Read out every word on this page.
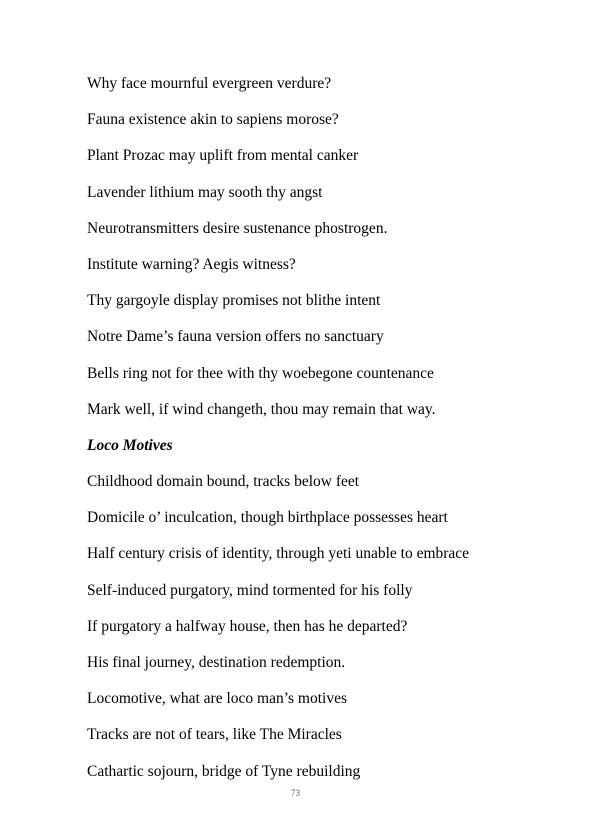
Why face mournful evergreen verdure?
Fauna existence akin to sapiens morose?
Plant Prozac may uplift from mental canker
Lavender lithium may sooth thy angst
Neurotransmitters desire sustenance phostrogen.
Institute warning? Aegis witness?
Thy gargoyle display promises not blithe intent
Notre Dame’s fauna version offers no sanctuary
Bells ring not for thee with thy woebegone countenance
Mark well, if wind changeth, thou may remain that way.
Loco Motives
Childhood domain bound, tracks below feet
Domicile o’ inculcation, though birthplace possesses heart
Half century crisis of identity, through yeti unable to embrace
Self-induced purgatory, mind tormented for his folly
If purgatory a halfway house, then has he departed?
His final journey, destination redemption.
Locomotive, what are loco man’s motives
Tracks are not of tears, like The Miracles
Cathartic sojourn, bridge of Tyne rebuilding
73
